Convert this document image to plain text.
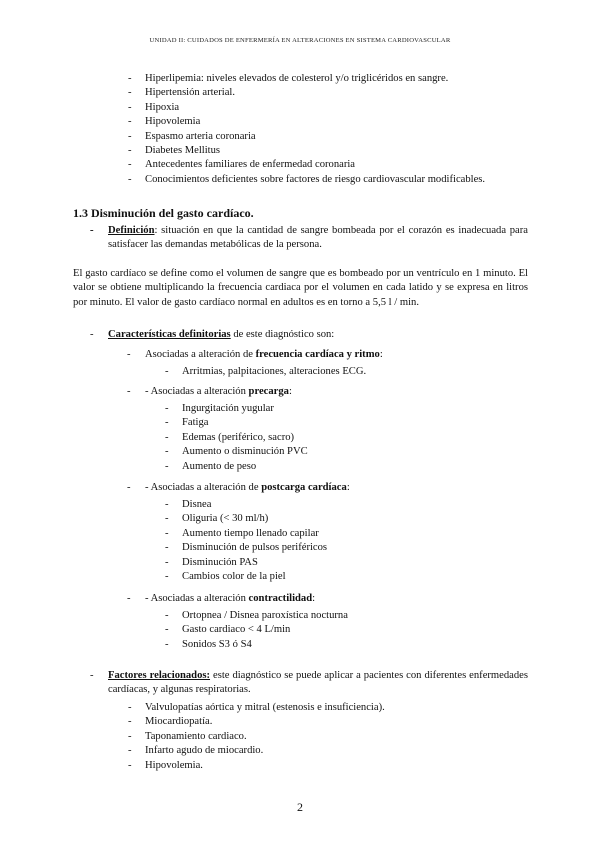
UNIDAD II: CUIDADOS DE ENFERMERÍA EN ALTERACIONES EN SISTEMA CARDIOVASCULAR
- Hiperlipemia: niveles elevados de colesterol y/o triglicéridos en sangre.
- Hipertensión arterial.
- Hipoxia
- Hipovolemia
- Espasmo arteria coronaria
- Diabetes Mellitus
- Antecedentes familiares de enfermedad coronaria
- Conocimientos deficientes sobre factores de riesgo cardiovascular modificables.
1.3 Disminución del gasto cardíaco.
Definición: situación en que la cantidad de sangre bombeada por el corazón es inadecuada para satisfacer las demandas metabólicas de la persona.
-
El gasto cardíaco se define como el volumen de sangre que es bombeado por un ventrículo en 1 minuto. El valor se obtiene multiplicando la frecuencia cardiaca por el volumen en cada latido y se expresa en litros por minuto. El valor de gasto cardíaco normal en adultos es en torno a 5,5 l / min.
- Características definitorias de este diagnóstico son:
- Asociadas a alteración de frecuencia cardíaca y ritmo:
- Arritmias, palpitaciones, alteraciones ECG.
- - Asociadas a alteración precarga:
- Ingurgitación yugular
- Fatiga
- Edemas (periférico, sacro)
- Aumento o disminución PVC
- Aumento de peso
- - Asociadas a alteración de postcarga cardíaca:
- Disnea
- Oliguria (< 30 ml/h)
- Aumento tiempo llenado capilar
- Disminución de pulsos periféricos
- Disminución PAS
- Cambios color de la piel
- - Asociadas a alteración contractilidad:
- Ortopnea / Disnea paroxística nocturna
- Gasto cardiaco < 4 L/min
- Sonidos S3 ó S4
- Factores relacionados: este diagnóstico se puede aplicar a pacientes con diferentes enfermedades cardíacas, y algunas respiratorias.
- Valvulopatías aórtica y mitral (estenosis e insuficiencia).
- Miocardiopatía.
- Taponamiento cardiaco.
- Infarto agudo de miocardio.
- Hipovolemia.
2
